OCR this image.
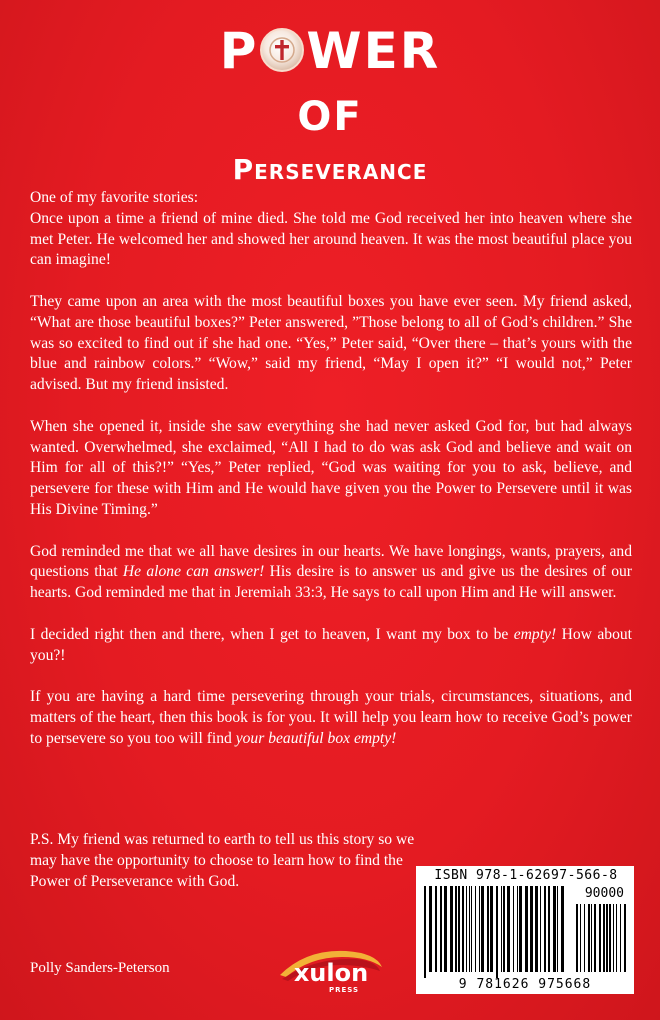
P WER
OF
Perseverance

One of my favorite stories:

Once upon a time a friend of mine died. She told me God received her into heaven where she met Peter. He welcomed her and showed her around heaven. It was the most beautiful place you can imagine!

They came upon an area with the most beautiful boxes you have ever seen. My friend asked, “What are those beautiful boxes?” Peter answered, ”Those belong to all of God’s children.” She was so excited to find out if she had one. “Yes,” Peter said, “Over there – that’s yours with the blue and rainbow colors.” “Wow,” said my friend, “May I open it?” “I would not,” Peter advised. But my friend insisted.

When she opened it, inside she saw everything she had never asked God for, but had always wanted. Overwhelmed, she exclaimed, “All I had to do was ask God and believe and wait on Him for all of this?!” “Yes,” Peter replied, “God was waiting for you to ask, believe, and persevere for these with Him and He would have given you the Power to Persevere until it was His Divine Timing.”

God reminded me that we all have desires in our hearts. We have longings, wants, prayers, and questions that He alone can answer! His desire is to answer us and give us the desires of our hearts. God reminded me that in Jeremiah 33:3, He says to call upon Him and He will answer.

I decided right then and there, when I get to heaven, I want my box to be empty! How about you?!

If you are having a hard time persevering through your trials, circumstances, situations, and matters of the heart, then this book is for you. It will help you learn how to receive God’s power to persevere so you too will find your beautiful box empty!

P.S. My friend was returned to earth to tell us this story so we may have the opportunity to choose to learn how to find the Power of Perseverance with God.
Polly Sanders-Peterson	xulon
PRESS
ISBN 978-1-62697-566-8
90000
9 781626 975668
